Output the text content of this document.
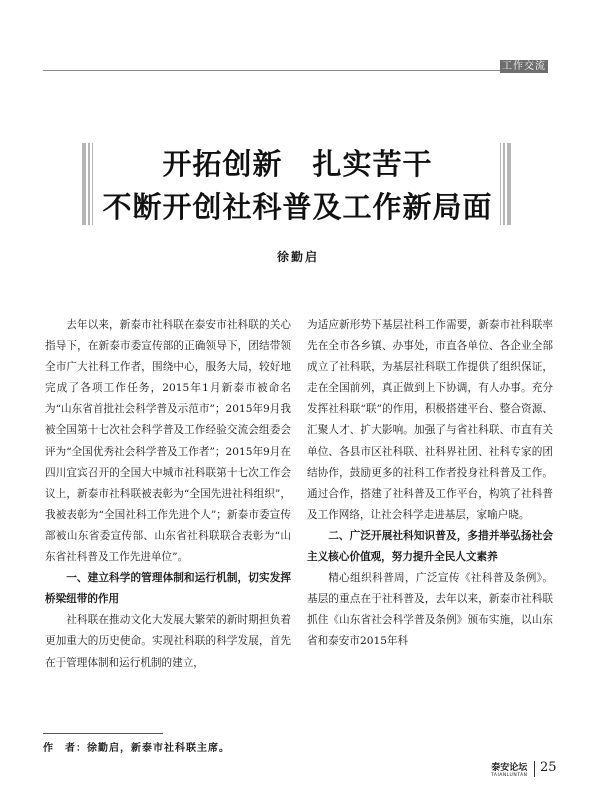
工作交流
开拓创新　扎实苦干
不断开创社科普及工作新局面
徐勤启

去年以来，新泰市社科联在泰安市社科联的关心指导下，在新泰市委宣传部的正确领导下，团结带领全市广大社科工作者，围绕中心，服务大局，较好地完成了各项工作任务，2015年1月新泰市被命名为“山东省首批社会科学普及示范市”；2015年9月我被全国第十七次社会科学普及工作经验交流会组委会评为“全国优秀社会科学普及工作者”；2015年9月在四川宜宾召开的全国大中城市社科联第十七次工作会议上，新泰市社科联被表彰为“全国先进社科组织”，我被表彰为“全国社科工作先进个人”；新泰市委宣传部被山东省委宣传部、山东省社科联联合表彰为“山东省社科普及工作先进单位”。

一、建立科学的管理体制和运行机制，切实发挥桥梁纽带的作用

社科联在推动文化大发展大繁荣的新时期担负着更加重大的历史使命。实现社科联的科学发展，首先在于管理体制和运行机制的建立，

为适应新形势下基层社科工作需要，新泰市社科联率先在全市各乡镇、办事处，市直各单位、各企业全部成立了社科联，为基层社科联工作提供了组织保证，走在全国前列，真正做到上下协调，有人办事。充分发挥社科联“联”的作用，积极搭建平台、整合资源、汇聚人才、扩大影响。加强了与省社科联、市直有关单位、各县市区社科联、社科界社团、社科专家的团结协作，鼓励更多的社科工作者投身社科普及工作。通过合作，搭建了社科普及工作平台，构筑了社科普及工作网络，让社会科学走进基层，家喻户晓。

二、广泛开展社科知识普及，多措并举弘扬社会主义核心价值观，努力提升全民人文素养

精心组织科普周，广泛宣传《社科普及条例》。基层的重点在于社科普及，去年以来，新泰市社科联抓住《山东省社会科学普及条例》颁布实施，以山东省和泰安市2015年科

作　者：徐勤启，新泰市社科联主席。
泰安论坛
TAIANLUNTAN
25
